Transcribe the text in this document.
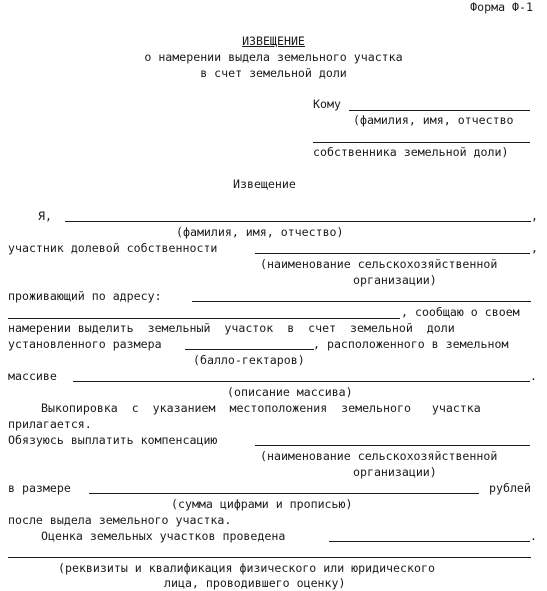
Форма Ф-1
ИЗВЕЩЕНИЕ
о намерении выдела земельного участка
в счет земельной доли
Кому
(фамилия, имя, отчество
собственника земельной доли)
Извещение
Я,	,
(фамилия, имя, отчество)
участник долевой собственности	,
(наименование сельскохозяйственной
организации)
проживающий по адресу:
, сообщаю о своем
намерении выделить  земельный  участок  в  счет  земельной  доли
установленного размера	, расположенного в земельном
(балло-гектаров)
массиве	.
(описание массива)
Выкопировка  с  указанием  местоположения  земельного   участка
прилагается.
Обязуюсь выплатить компенсацию
(наименование сельскохозяйственной
организации)
в размере	рублей
(сумма цифрами и прописью)
после выдела земельного участка.
Оценка земельных участков проведена	.
(реквизиты и квалификация физического или юридического
лица, проводившего оценку)
